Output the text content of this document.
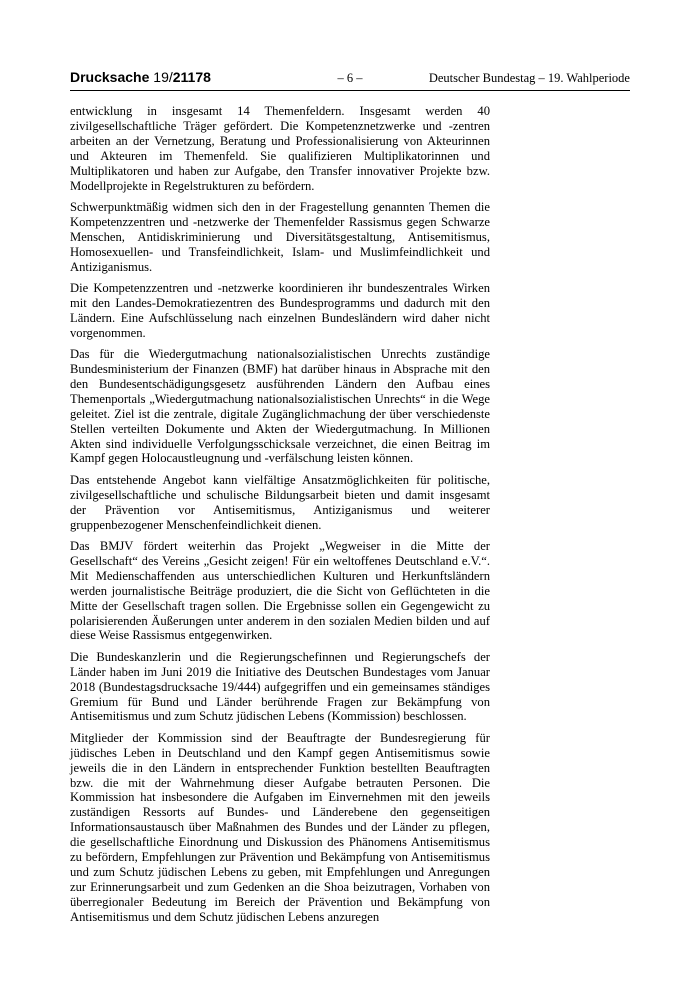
Drucksache 19/21178	– 6 –	Deutscher Bundestag – 19. Wahlperiode

entwicklung in insgesamt 14 Themenfeldern. Insgesamt werden 40 zivilgesellschaftliche Träger gefördert. Die Kompetenznetzwerke und -zentren arbeiten an der Vernetzung, Beratung und Professionalisierung von Akteurinnen und Akteuren im Themenfeld. Sie qualifizieren Multiplikatorinnen und Multiplikatoren und haben zur Aufgabe, den Transfer innovativer Projekte bzw. Modellprojekte in Regelstrukturen zu befördern.

Schwerpunktmäßig widmen sich den in der Fragestellung genannten Themen die Kompetenzzentren und -netzwerke der Themenfelder Rassismus gegen Schwarze Menschen, Antidiskriminierung und Diversitätsgestaltung, Antisemitismus, Homosexuellen- und Transfeindlichkeit, Islam- und Muslimfeindlichkeit und Antiziganismus.

Die Kompetenzzentren und -netzwerke koordinieren ihr bundeszentrales Wirken mit den Landes-Demokratiezentren des Bundesprogramms und dadurch mit den Ländern. Eine Aufschlüsselung nach einzelnen Bundesländern wird daher nicht vorgenommen.

Das für die Wiedergutmachung nationalsozialistischen Unrechts zuständige Bundesministerium der Finanzen (BMF) hat darüber hinaus in Absprache mit den den Bundesentschädigungsgesetz ausführenden Ländern den Aufbau eines Themenportals „Wiedergutmachung nationalsozialistischen Unrechts“ in die Wege geleitet. Ziel ist die zentrale, digitale Zugänglichmachung der über verschiedenste Stellen verteilten Dokumente und Akten der Wiedergutmachung. In Millionen Akten sind individuelle Verfolgungsschicksale verzeichnet, die einen Beitrag im Kampf gegen Holocaustleugnung und -verfälschung leisten können.

Das entstehende Angebot kann vielfältige Ansatzmöglichkeiten für politische, zivilgesellschaftliche und schulische Bildungsarbeit bieten und damit insgesamt der Prävention vor Antisemitismus, Antiziganismus und weiterer gruppenbezogener Menschenfeindlichkeit dienen.

Das BMJV fördert weiterhin das Projekt „Wegweiser in die Mitte der Gesellschaft“ des Vereins „Gesicht zeigen! Für ein weltoffenes Deutschland e.V.“. Mit Medienschaffenden aus unterschiedlichen Kulturen und Herkunftsländern werden journalistische Beiträge produziert, die die Sicht von Geflüchteten in die Mitte der Gesellschaft tragen sollen. Die Ergebnisse sollen ein Gegengewicht zu polarisierenden Äußerungen unter anderem in den sozialen Medien bilden und auf diese Weise Rassismus entgegenwirken.

Die Bundeskanzlerin und die Regierungschefinnen und Regierungschefs der Länder haben im Juni 2019 die Initiative des Deutschen Bundestages vom Januar 2018 (Bundestagsdrucksache 19/444) aufgegriffen und ein gemeinsames ständiges Gremium für Bund und Länder berührende Fragen zur Bekämpfung von Antisemitismus und zum Schutz jüdischen Lebens (Kommission) beschlossen.

Mitglieder der Kommission sind der Beauftragte der Bundesregierung für jüdisches Leben in Deutschland und den Kampf gegen Antisemitismus sowie jeweils die in den Ländern in entsprechender Funktion bestellten Beauftragten bzw. die mit der Wahrnehmung dieser Aufgabe betrauten Personen. Die Kommission hat insbesondere die Aufgaben im Einvernehmen mit den jeweils zuständigen Ressorts auf Bundes- und Länderebene den gegenseitigen Informationsaustausch über Maßnahmen des Bundes und der Länder zu pflegen, die gesellschaftliche Einordnung und Diskussion des Phänomens Antisemitismus zu befördern, Empfehlungen zur Prävention und Bekämpfung von Antisemitismus und zum Schutz jüdischen Lebens zu geben, mit Empfehlungen und Anregungen zur Erinnerungsarbeit und zum Gedenken an die Shoa beizutragen, Vorhaben von überregionaler Bedeutung im Bereich der Prävention und Bekämpfung von Antisemitismus und dem Schutz jüdischen Lebens anzuregen
